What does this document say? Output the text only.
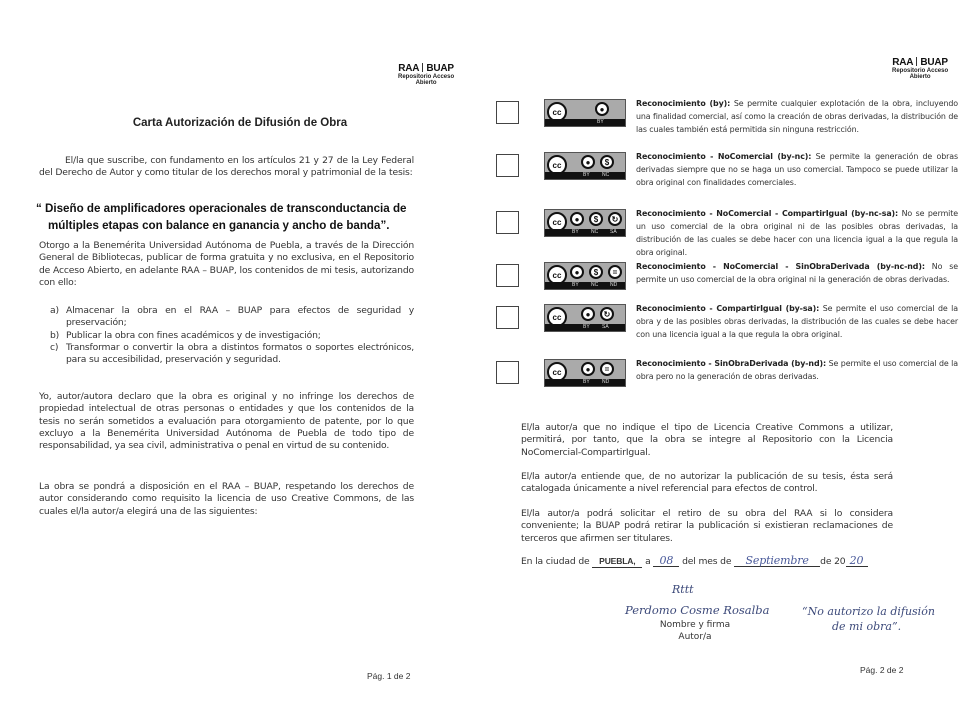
RAA BUAP
Repositorio Acceso
Abierto
Carta Autorización de Difusión de Obra

El/la que suscribe, con fundamento en los artículos 21 y 27 de la Ley Federal del Derecho de Autor y como titular de los derechos moral y patrimonial de la tesis:

“ Diseño de amplificadores operacionales de transconductancia de
múltiples etapas con balance en ganancia y ancho de banda”.

Otorgo a la Benemérita Universidad Autónoma de Puebla, a través de la Dirección General de Bibliotecas, publicar de forma gratuita y no exclusiva, en el Repositorio de Acceso Abierto, en adelante RAA – BUAP, los contenidos de mi tesis, autorizando con ello:

a) Almacenar la obra en el RAA – BUAP para efectos de seguridad y preservación;
b) Publicar la obra con fines académicos y de investigación;
c) Transformar o convertir la obra a distintos formatos o soportes electrónicos, para su accesibilidad, preservación y seguridad.

Yo, autor/autora declaro que la obra es original y no infringe los derechos de propiedad intelectual de otras personas o entidades y que los contenidos de la tesis no serán sometidos a evaluación para otorgamiento de patente, por lo que excluyo a la Benemérita Universidad Autónoma de Puebla de todo tipo de responsabilidad, ya sea civil, administrativa o penal en virtud de su contenido.

La obra se pondrá a disposición en el RAA – BUAP, respetando los derechos de autor considerando como requisito la licencia de uso Creative Commons, de las cuales el/la autor/a elegirá una de las siguientes:

Pág. 1 de 2
RAA BUAP
Repositorio Acceso
Abierto
cc	●
BY
Reconocimiento (by): Se permite cualquier explotación de la obra, incluyendo una finalidad comercial, así como la creación de obras derivadas, la distribución de las cuales también está permitida sin ninguna restricción.
cc	●	$
BY NC
Reconocimiento - NoComercial (by-nc): Se permite la generación de obras derivadas siempre que no se haga un uso comercial. Tampoco se puede utilizar la obra original con finalidades comerciales.
cc	●	$	↻
BY NC SA
Reconocimiento - NoComercial - CompartirIgual (by-nc-sa): No se permite un uso comercial de la obra original ni de las posibles obras derivadas, la distribución de las cuales se debe hacer con una licencia igual a la que regula la obra original.
cc	●	$	=
BY NC ND
Reconocimiento - NoComercial - SinObraDerivada (by-nc-nd): No se permite un uso comercial de la obra original ni la generación de obras derivadas.
cc	●	↻
BY SA
Reconocimiento - CompartirIgual (by-sa): Se permite el uso comercial de la obra y de las posibles obras derivadas, la distribución de las cuales se debe hacer con una licencia igual a la que regula la obra original.
cc	●	=
BY ND
Reconocimiento - SinObraDerivada (by-nd): Se permite el uso comercial de la obra pero no la generación de obras derivadas.

El/la autor/a que no indique el tipo de Licencia Creative Commons a utilizar, permitirá, por tanto, que la obra se integre al Repositorio con la Licencia NoComercial-CompartirIgual.

El/la autor/a entiende que, de no autorizar la publicación de su tesis, ésta será catalogada únicamente a nivel referencial para efectos de control.

El/la autor/a podrá solicitar el retiro de su obra del RAA si lo considera conveniente; la BUAP podrá retirar la publicación si existieran reclamaciones de terceros que afirmen ser titulares.

En la ciudad de PUEBLA, a 08 del mes de Septiembre de 20 20
Rttt
Perdomo Cosme Rosalba
Nombre y firma
Autor/a
“No autorizo la difusión
de mi obra”.
Pág. 2 de 2
